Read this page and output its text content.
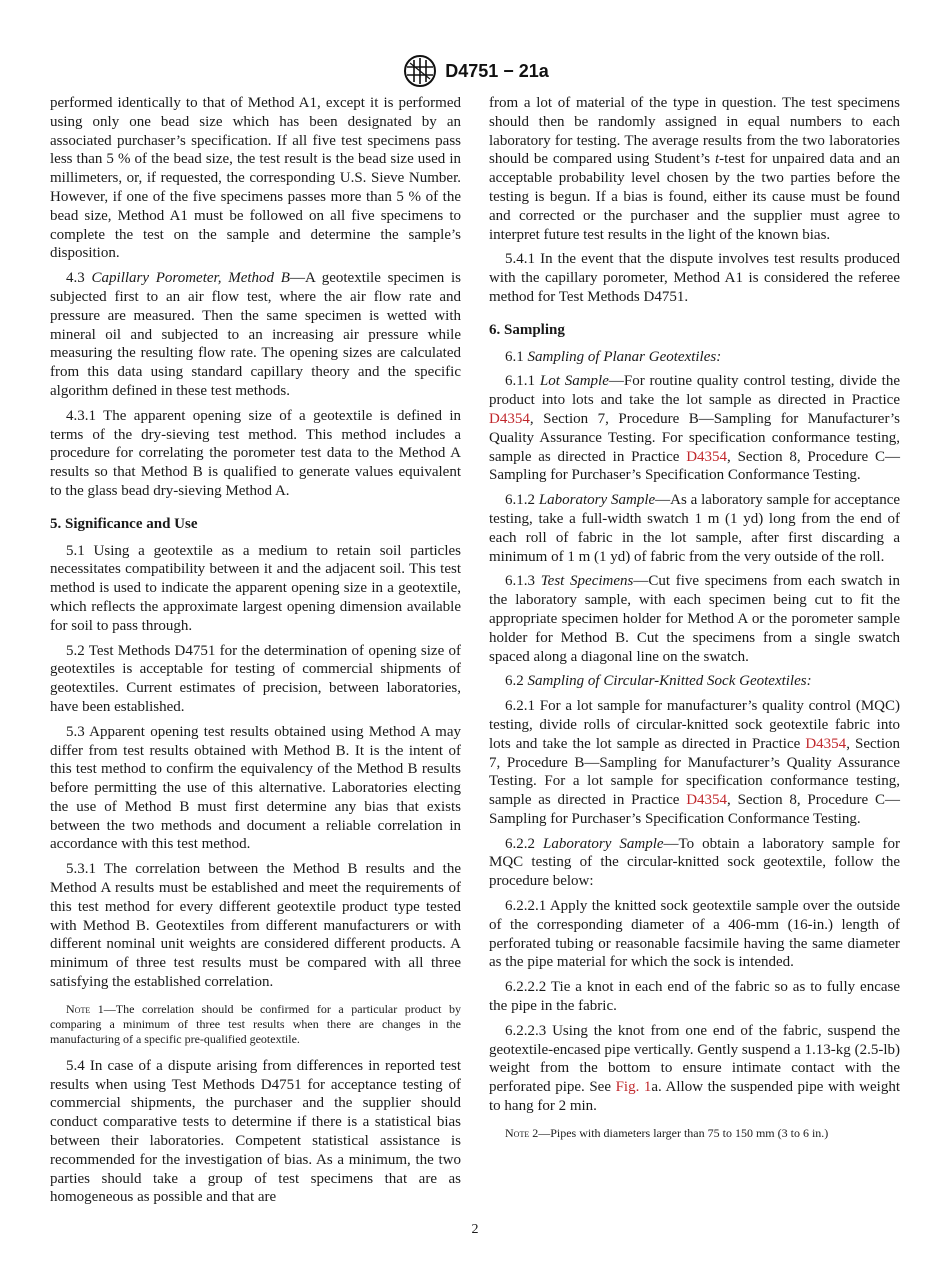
D4751 − 21a

performed identically to that of Method A1, except it is performed using only one bead size which has been designated by an associated purchaser’s specification. If all five test specimens pass less than 5 % of the bead size, the test result is the bead size used in millimeters, or, if requested, the corresponding U.S. Sieve Number. However, if one of the five specimens passes more than 5 % of the bead size, Method A1 must be followed on all five specimens to complete the test on the sample and determine the sample’s disposition.

4.3 Capillary Porometer, Method B—A geotextile specimen is subjected first to an air flow test, where the air flow rate and pressure are measured. Then the same specimen is wetted with mineral oil and subjected to an increasing air pressure while measuring the resulting flow rate. The opening sizes are calculated from this data using standard capillary theory and the specific algorithm defined in these test methods.

4.3.1 The apparent opening size of a geotextile is defined in terms of the dry-sieving test method. This method includes a procedure for correlating the porometer test data to the Method A results so that Method B is qualified to generate values equivalent to the glass bead dry-sieving Method A.

5. Significance and Use

5.1 Using a geotextile as a medium to retain soil particles necessitates compatibility between it and the adjacent soil. This test method is used to indicate the apparent opening size in a geotextile, which reflects the approximate largest opening dimension available for soil to pass through.

5.2 Test Methods D4751 for the determination of opening size of geotextiles is acceptable for testing of commercial shipments of geotextiles. Current estimates of precision, between laboratories, have been established.

5.3 Apparent opening test results obtained using Method A may differ from test results obtained with Method B. It is the intent of this test method to confirm the equivalency of the Method B results before permitting the use of this alternative. Laboratories electing the use of Method B must first determine any bias that exists between the two methods and document a reliable correlation in accordance with this test method.

5.3.1 The correlation between the Method B results and the Method A results must be established and meet the requirements of this test method for every different geotextile product type tested with Method B. Geotextiles from different manufacturers or with different nominal unit weights are considered different products. A minimum of three test results must be compared with all three satisfying the established correlation.

Note 1—The correlation should be confirmed for a particular product by comparing a minimum of three test results when there are changes in the manufacturing of a specific pre-qualified geotextile.

5.4 In case of a dispute arising from differences in reported test results when using Test Methods D4751 for acceptance testing of commercial shipments, the purchaser and the supplier should conduct comparative tests to determine if there is a statistical bias between their laboratories. Competent statistical assistance is recommended for the investigation of bias. As a minimum, the two parties should take a group of test specimens that are as homogeneous as possible and that are

from a lot of material of the type in question. The test specimens should then be randomly assigned in equal numbers to each laboratory for testing. The average results from the two laboratories should be compared using Student’s t-test for unpaired data and an acceptable probability level chosen by the two parties before the testing is begun. If a bias is found, either its cause must be found and corrected or the purchaser and the supplier must agree to interpret future test results in the light of the known bias.

5.4.1 In the event that the dispute involves test results produced with the capillary porometer, Method A1 is considered the referee method for Test Methods D4751.

6. Sampling

6.1 Sampling of Planar Geotextiles:

6.1.1 Lot Sample—For routine quality control testing, divide the product into lots and take the lot sample as directed in Practice D4354, Section 7, Procedure B—Sampling for Manufacturer’s Quality Assurance Testing. For specification conformance testing, sample as directed in Practice D4354, Section 8, Procedure C—Sampling for Purchaser’s Specification Conformance Testing.

6.1.2 Laboratory Sample—As a laboratory sample for acceptance testing, take a full-width swatch 1 m (1 yd) long from the end of each roll of fabric in the lot sample, after first discarding a minimum of 1 m (1 yd) of fabric from the very outside of the roll.

6.1.3 Test Specimens—Cut five specimens from each swatch in the laboratory sample, with each specimen being cut to fit the appropriate specimen holder for Method A or the porometer sample holder for Method B. Cut the specimens from a single swatch spaced along a diagonal line on the swatch.

6.2 Sampling of Circular-Knitted Sock Geotextiles:

6.2.1 For a lot sample for manufacturer’s quality control (MQC) testing, divide rolls of circular-knitted sock geotextile fabric into lots and take the lot sample as directed in Practice D4354, Section 7, Procedure B—Sampling for Manufacturer’s Quality Assurance Testing. For a lot sample for specification conformance testing, sample as directed in Practice D4354, Section 8, Procedure C—Sampling for Purchaser’s Specification Conformance Testing.

6.2.2 Laboratory Sample—To obtain a laboratory sample for MQC testing of the circular-knitted sock geotextile, follow the procedure below:

6.2.2.1 Apply the knitted sock geotextile sample over the outside of the corresponding diameter of a 406-mm (16-in.) length of perforated tubing or reasonable facsimile having the same diameter as the pipe material for which the sock is intended.

6.2.2.2 Tie a knot in each end of the fabric so as to fully encase the pipe in the fabric.

6.2.2.3 Using the knot from one end of the fabric, suspend the geotextile-encased pipe vertically. Gently suspend a 1.13-kg (2.5-lb) weight from the bottom to ensure intimate contact with the perforated pipe. See Fig. 1a. Allow the suspended pipe with weight to hang for 2 min.

Note 2—Pipes with diameters larger than 75 to 150 mm (3 to 6 in.)
2
